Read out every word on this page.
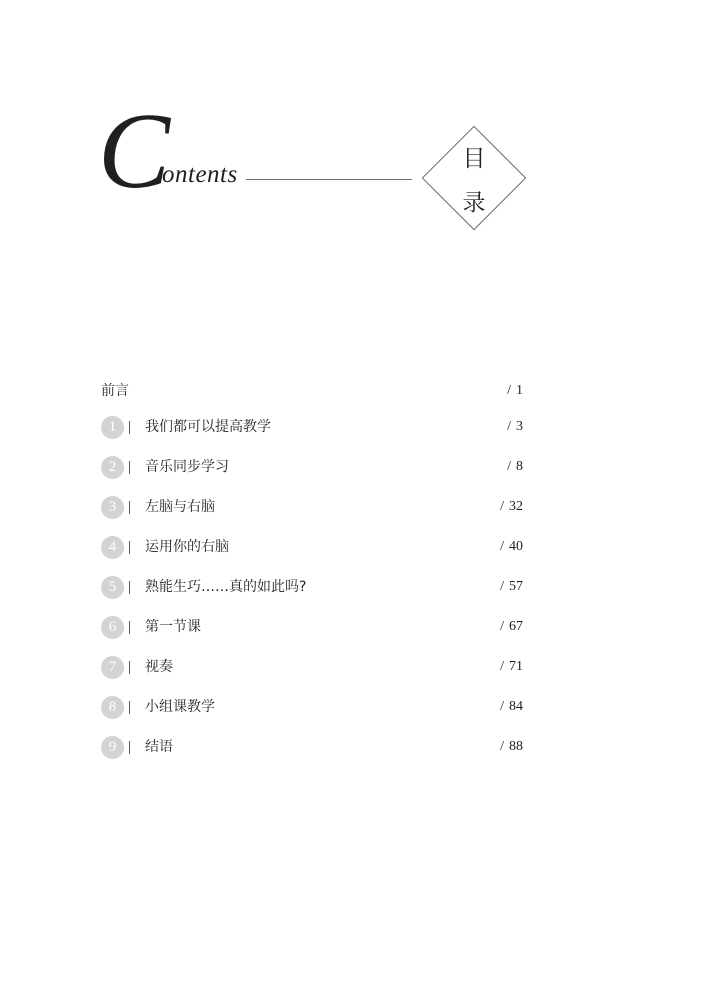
C
ontents
目
录
前言	/ 1
1 | 我们都可以提高教学	/ 3
2 | 音乐同步学习	/ 8
3 | 左脑与右脑	/ 32
4 | 运用你的右脑	/ 40
5 | 熟能生巧……真的如此吗?	/ 57
6 | 第一节课	/ 67
7 | 视奏	/ 71
8 | 小组课教学	/ 84
9 | 结语	/ 88
